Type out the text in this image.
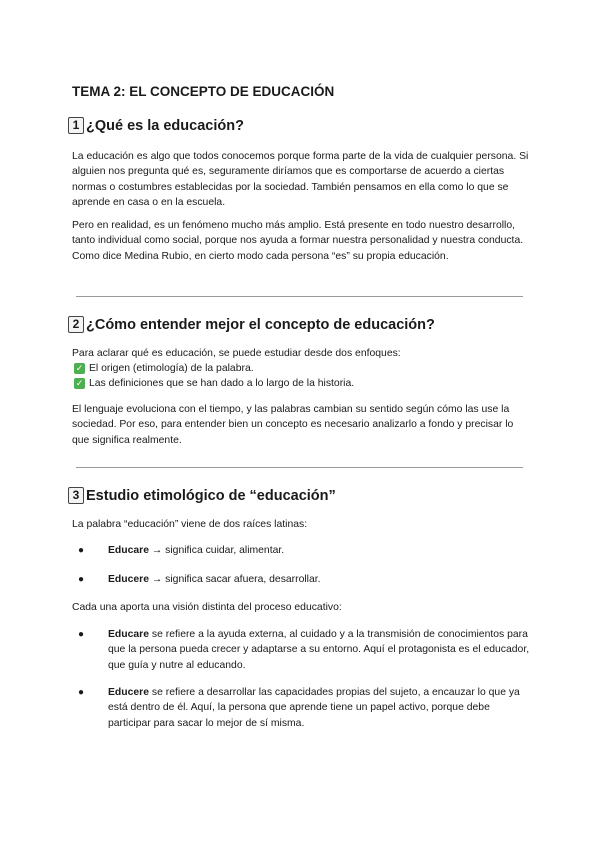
TEMA 2: EL CONCEPTO DE EDUCACIÓN
1 ¿Qué es la educación?

La educación es algo que todos conocemos porque forma parte de la vida de cualquier persona. Si alguien nos pregunta qué es, seguramente diríamos que es comportarse de acuerdo a ciertas normas o costumbres establecidas por la sociedad. También pensamos en ella como lo que se aprende en casa o en la escuela.

Pero en realidad, es un fenómeno mucho más amplio. Está presente en todo nuestro desarrollo, tanto individual como social, porque nos ayuda a formar nuestra personalidad y nuestra conducta. Como dice Medina Rubio, en cierto modo cada persona “es” su propia educación.

2 ¿Cómo entender mejor el concepto de educación?

Para aclarar qué es educación, se puede estudiar desde dos enfoques:

✓ El origen (etimología) de la palabra.
✓ Las definiciones que se han dado a lo largo de la historia.

El lenguaje evoluciona con el tiempo, y las palabras cambian su sentido según cómo las use la sociedad. Por eso, para entender bien un concepto es necesario analizarlo a fondo y precisar lo que significa realmente.

3 Estudio etimológico de “educación”

La palabra “educación” viene de dos raíces latinas:

●	Educare → significa cuidar, alimentar.

●	Educere → significa sacar afuera, desarrollar.

Cada una aporta una visión distinta del proceso educativo:

●	Educare se refiere a la ayuda externa, al cuidado y a la transmisión de conocimientos para que la persona pueda crecer y adaptarse a su entorno. Aquí el protagonista es el educador, que guía y nutre al educando.

●	Educere se refiere a desarrollar las capacidades propias del sujeto, a encauzar lo que ya está dentro de él. Aquí, la persona que aprende tiene un papel activo, porque debe participar para sacar lo mejor de sí misma.
